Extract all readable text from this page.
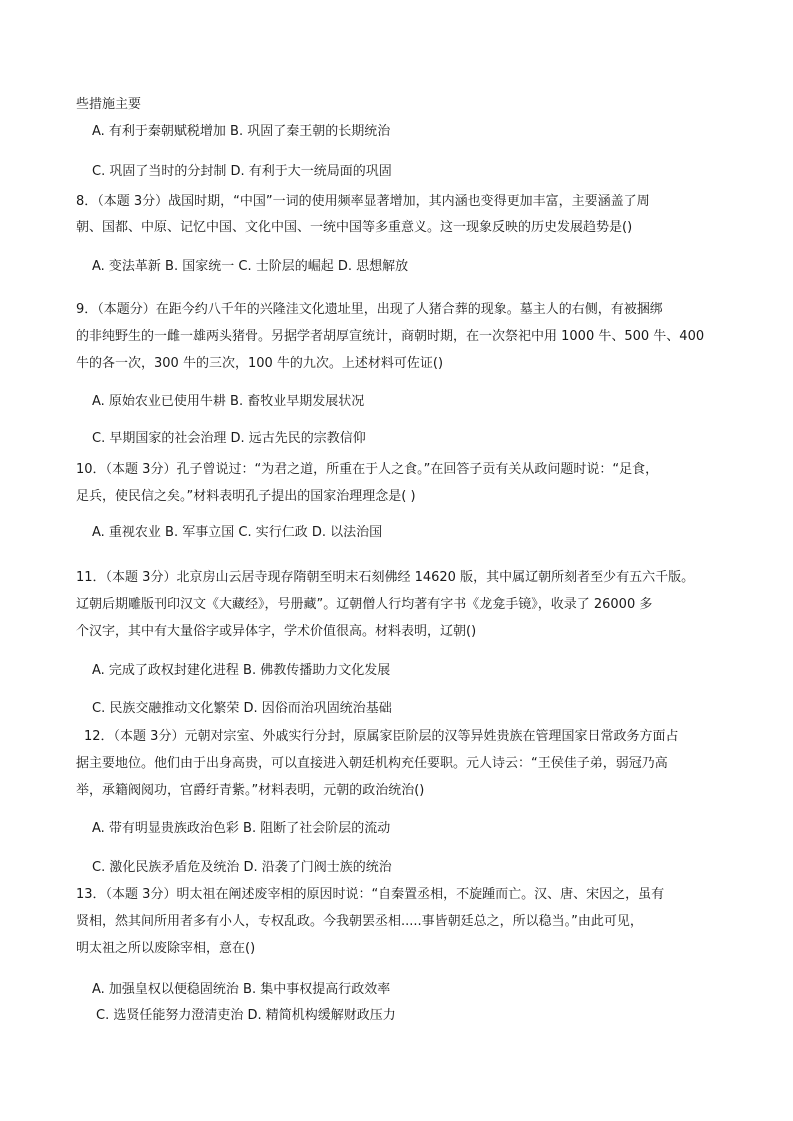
些措施主要
A. 有利于秦朝赋税增加 B. 巩固了秦王朝的长期统治
C. 巩固了当时的分封制 D. 有利于大一统局面的巩固
8．（本题 3分）战国时期，“中国”一词的使用频率显著增加，其内涵也变得更加丰富，主要涵盖了周
朝、国都、中原、记忆中国、文化中国、一统中国等多重意义。这一现象反映的历史发展趋势是()
A. 变法革新 B. 国家统一 C. 士阶层的崛起 D. 思想解放
9．（本题分）在距今约八千年的兴隆洼文化遗址里，出现了人猪合葬的现象。墓主人的右侧，有被捆绑
的非纯野生的一雌一雄两头猪骨。另据学者胡厚宣统计，商朝时期，在一次祭祀中用 1000 牛、500 牛、400
牛的各一次，300 牛的三次，100 牛的九次。上述材料可佐证()
A. 原始农业已使用牛耕 B. 畜牧业早期发展状况
C. 早期国家的社会治理 D. 远古先民的宗教信仰
10．（本题 3分）孔子曾说过：“为君之道，所重在于人之食。”在回答子贡有关从政问题时说：“足食，
足兵，使民信之矣。”材料表明孔子提出的国家治理理念是( )
A. 重视农业 B. 军事立国 C. 实行仁政 D. 以法治国
11．（本题 3分）北京房山云居寺现存隋朝至明末石刻佛经 14620 版，其中属辽朝所刻者至少有五六千版。
辽朝后期雕版刊印汉文《大藏经》，号册藏”。辽朝僧人行均著有字书《龙龛手镜》，收录了 26000 多
个汉字，其中有大量俗字或异体字，学术价值很高。材料表明，辽朝()
A. 完成了政权封建化进程 B. 佛教传播助力文化发展
C. 民族交融推动文化繁荣 D. 因俗而治巩固统治基础
12．（本题 3分）元朝对宗室、外戚实行分封，原属家臣阶层的汉等异姓贵族在管理国家日常政务方面占
据主要地位。他们由于出身高贵，可以直接进入朝廷机构充任要职。元人诗云：“王侯佳子弟，弱冠乃高
举，承籍阀阅功，官爵纡青紫。”材料表明，元朝的政治统治()
A. 带有明显贵族政治色彩 B. 阻断了社会阶层的流动
C. 激化民族矛盾危及统治 D. 沿袭了门阀士族的统治
13．（本题 3分）明太祖在阐述废宰相的原因时说：“自秦置丞相，不旋踵而亡。汉、唐、宋因之，虽有
贤相，然其间所用者多有小人，专权乱政。今我朝罢丞相.....事皆朝廷总之，所以稳当。”由此可见，
明太祖之所以废除宰相，意在()
A. 加强皇权以便稳固统治 B. 集中事权提高行政效率
C. 选贤任能努力澄清吏治 D. 精简机构缓解财政压力
